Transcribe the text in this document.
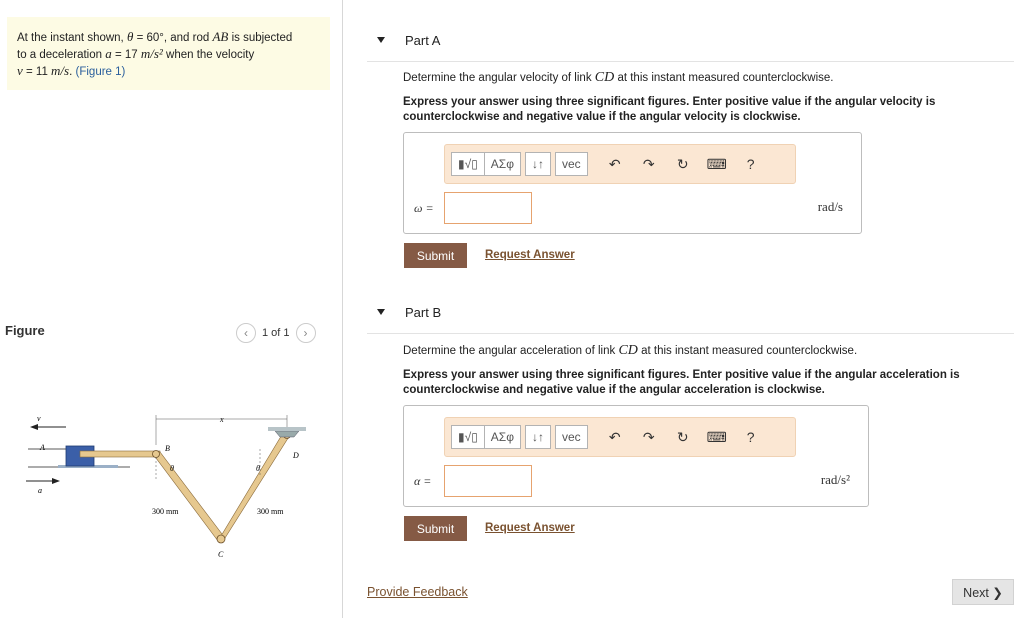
At the instant shown, θ = 60°, and rod AB is subjected
to a deceleration a = 17 m/s² when the velocity
v = 11 m/s. (Figure 1)
Figure	‹ 1 of 1 ›
v
a
A
x
B
θ	θ
D
C
300 mm	300 mm
Part A
Determine the angular velocity of link CD at this instant measured counterclockwise.
Express your answer using three significant figures. Enter positive value if the angular velocity is counterclockwise and negative value if the angular velocity is clockwise.
▮√▯	ΑΣφ	↓↑	vec	↶	↷	↻	⌨	?
ω =	rad/s
Submit	Request Answer
Part B
Determine the angular acceleration of link CD at this instant measured counterclockwise.
Express your answer using three significant figures. Enter positive value if the angular acceleration is counterclockwise and negative value if the angular acceleration is clockwise.
▮√▯	ΑΣφ	↓↑	vec	↶	↷	↻	⌨	?
α =	rad/s²
Submit	Request Answer
Provide Feedback	Next ❯
